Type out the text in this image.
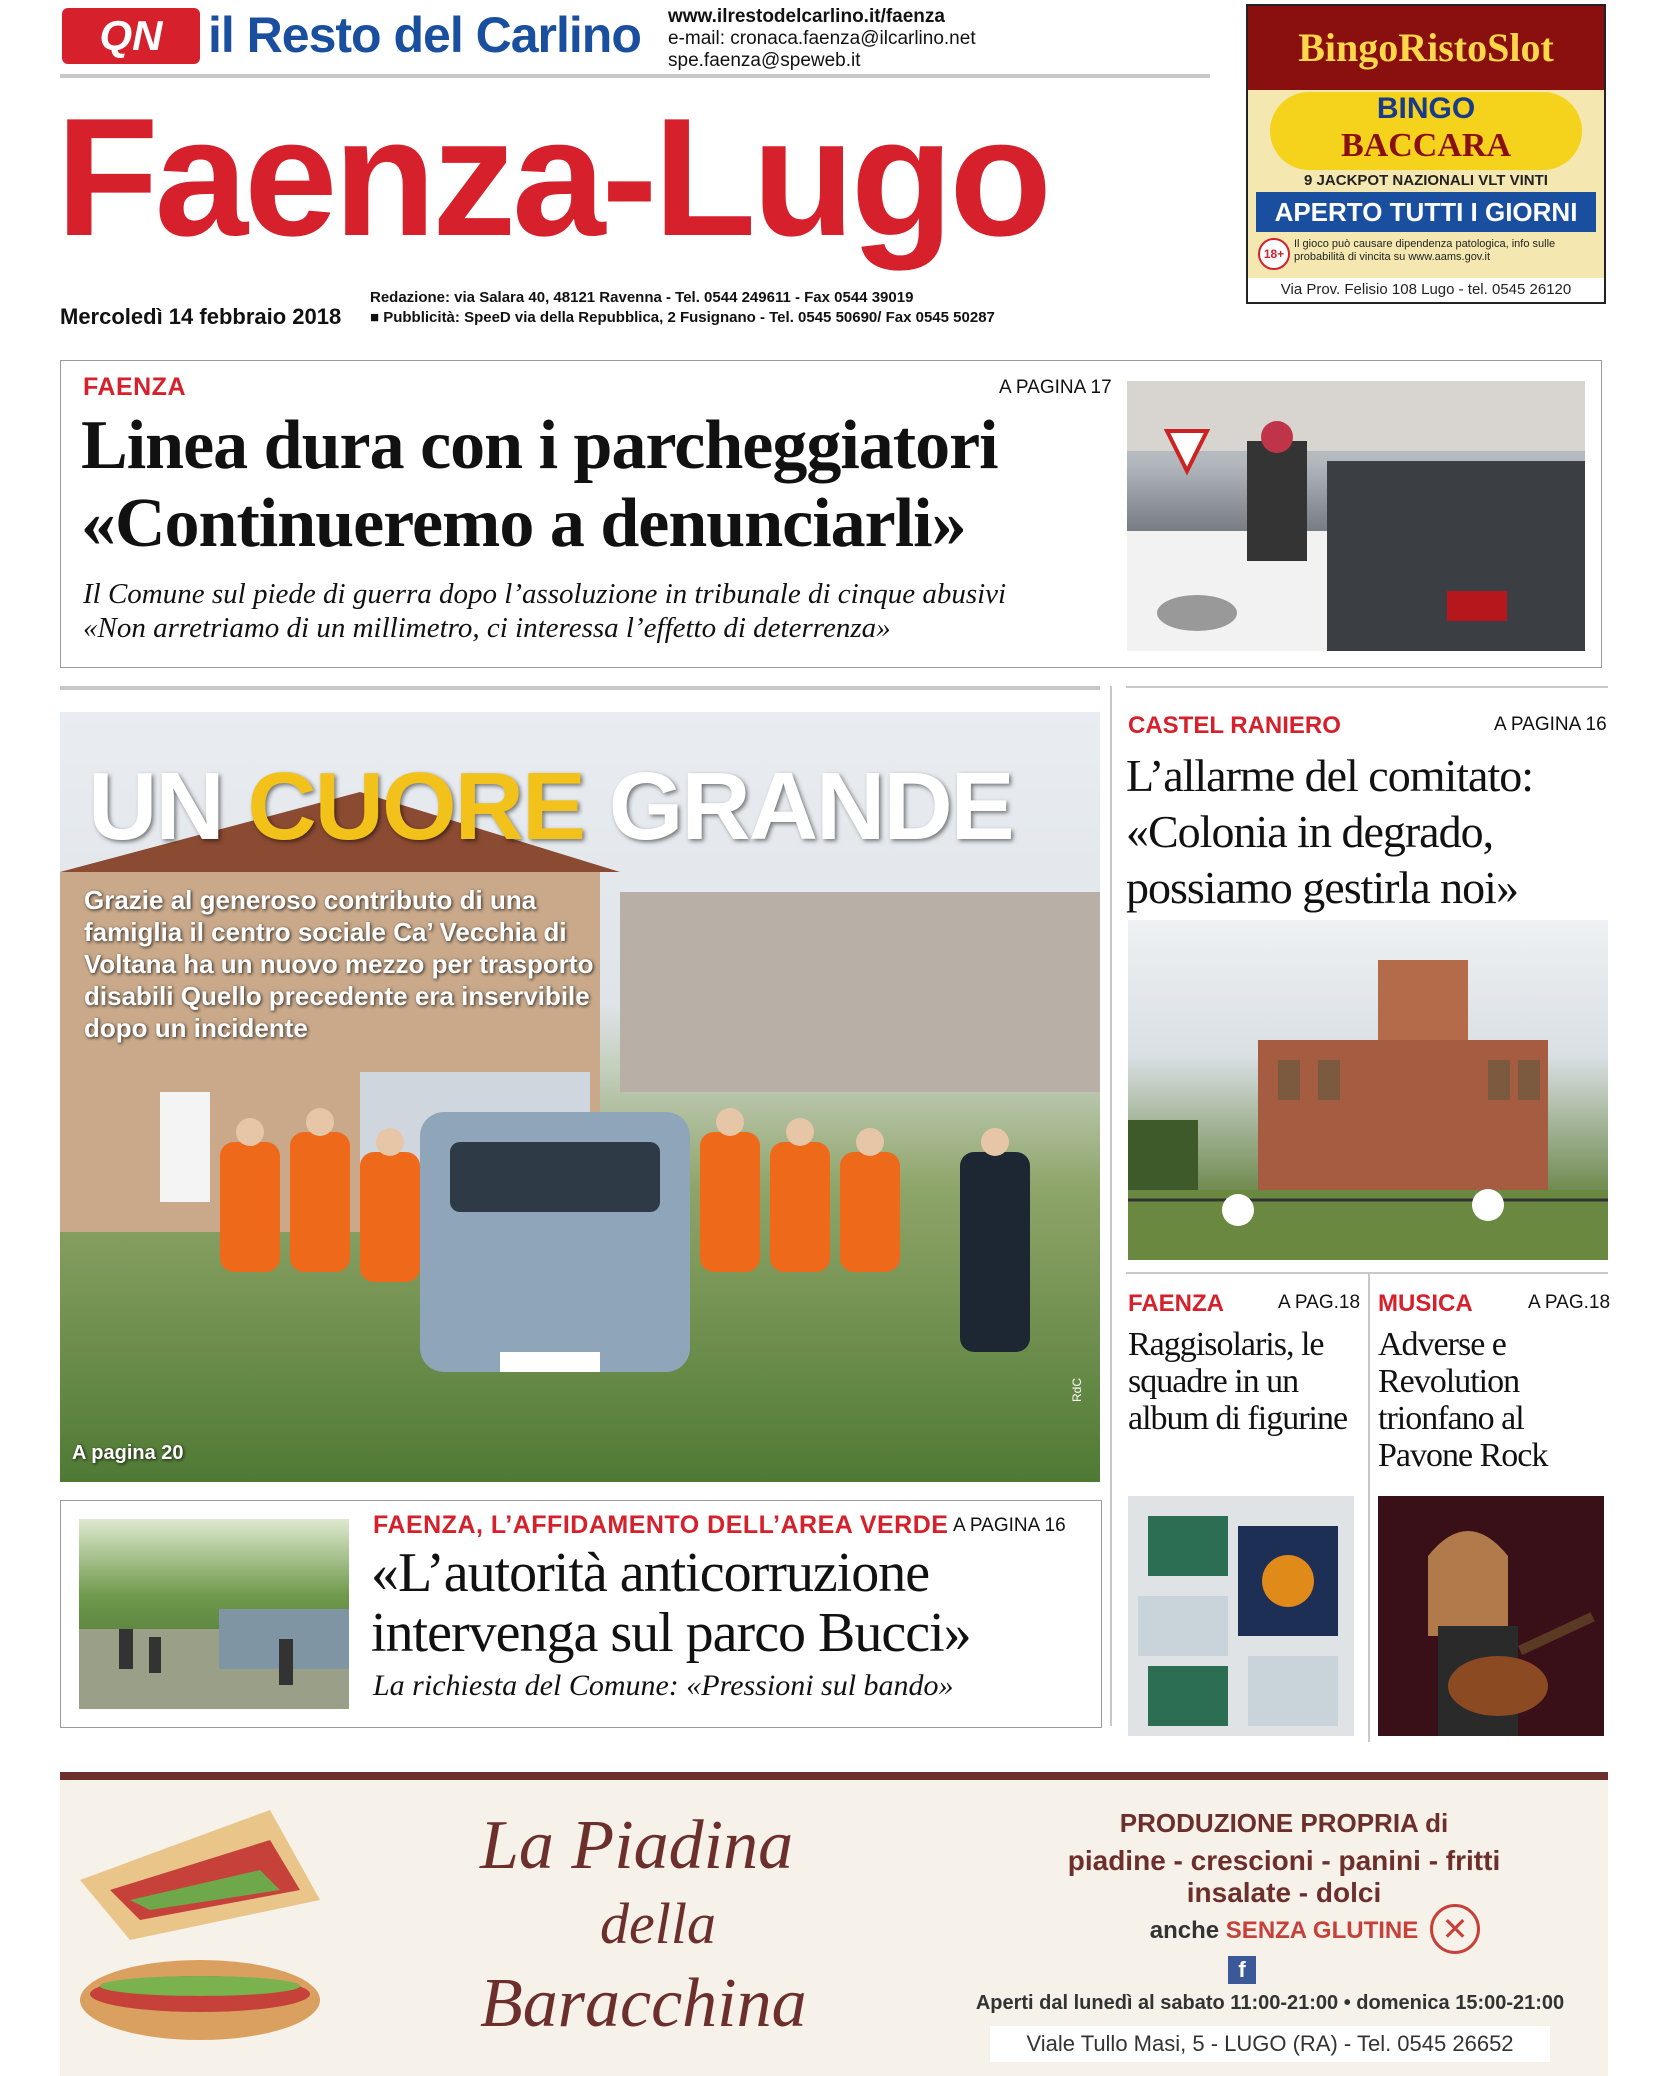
QN il Resto del Carlino www.ilrestodelcarlino.it/faenza
e-mail: cronaca.faenza@ilcarlino.net
spe.faenza@speweb.it
Faenza-Lugo
Mercoledì 14 febbraio 2018
Redazione: via Salara 40, 48121 Ravenna - Tel. 0544 249611 - Fax 0544 39019
■ Pubblicità: SpeeD via della Repubblica, 2 Fusignano - Tel. 0545 50690/ Fax 0545 50287
BingoRistoSlot
BINGO
BACCARA
9 JACKPOT NAZIONALI VLT VINTI
APERTO TUTTI I GIORNI
18+
Il gioco può causare dipendenza patologica, info sulle probabilità di vincita su www.aams.gov.it
Via Prov. Felisio 108 Lugo - tel. 0545 26120
FAENZA	A PAGINA 17
Linea dura con i parcheggiatori
«Continueremo a denunciarli»
Il Comune sul piede di guerra dopo l’assoluzione in tribunale di cinque abusivi
«Non arretriamo di un millimetro, ci interessa l’effetto di deterrenza»
UN CUORE GRANDE
Grazie al generoso contributo di una famiglia il centro sociale Ca’ Vecchia di Voltana ha un nuovo mezzo per trasporto disabili Quello precedente era inservibile dopo un incidente
A pagina 20
RdC
FAENZA, L’AFFIDAMENTO DELL’AREA VERDE A PAGINA 16
«L’autorità anticorruzione
intervenga sul parco Bucci»
La richiesta del Comune: «Pressioni sul bando»
CASTEL RANIERO	A PAGINA 16
L’allarme del comitato: «Colonia in degrado, possiamo gestirla noi»
FAENZA	A PAG.18
Raggisolaris, le squadre in un album di figurine
MUSICA	A PAG.18
Adverse e Revolution trionfano al Pavone Rock
La Piadina
della
Baracchina
PRODUZIONE PROPRIA di
piadine - crescioni - panini - fritti
insalate - dolci
anche SENZA GLUTINE ✕
f
Aperti dal lunedì al sabato 11:00-21:00 • domenica 15:00-21:00
Viale Tullo Masi, 5 - LUGO (RA) - Tel. 0545 26652
